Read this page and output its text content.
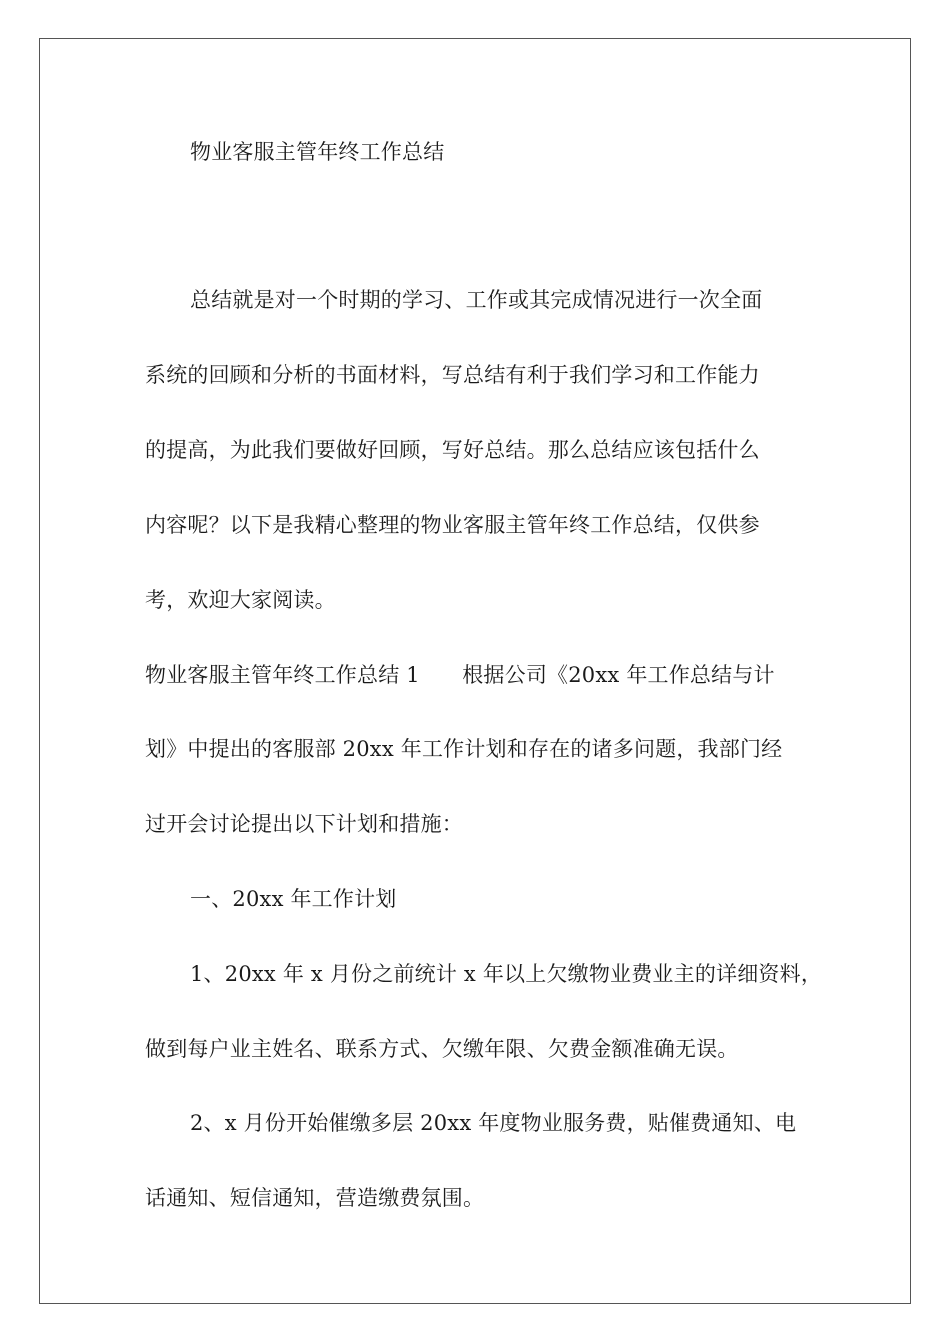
物业客服主管年终工作总结
总结就是对一个时期的学习、工作或其完成情况进行一次全面
系统的回顾和分析的书面材料，写总结有利于我们学习和工作能力
的提高，为此我们要做好回顾，写好总结。那么总结应该包括什么
内容呢？以下是我精心整理的物业客服主管年终工作总结，仅供参
考，欢迎大家阅读。
物业客服主管年终工作总结 1　　根据公司《20xx 年工作总结与计
划》中提出的客服部 20xx 年工作计划和存在的诸多问题，我部门经
过开会讨论提出以下计划和措施：
一、20xx 年工作计划
1、20xx 年 x 月份之前统计 x 年以上欠缴物业费业主的详细资料，
做到每户业主姓名、联系方式、欠缴年限、欠费金额准确无误。
2、x 月份开始催缴多层 20xx 年度物业服务费，贴催费通知、电
话通知、短信通知，营造缴费氛围。
